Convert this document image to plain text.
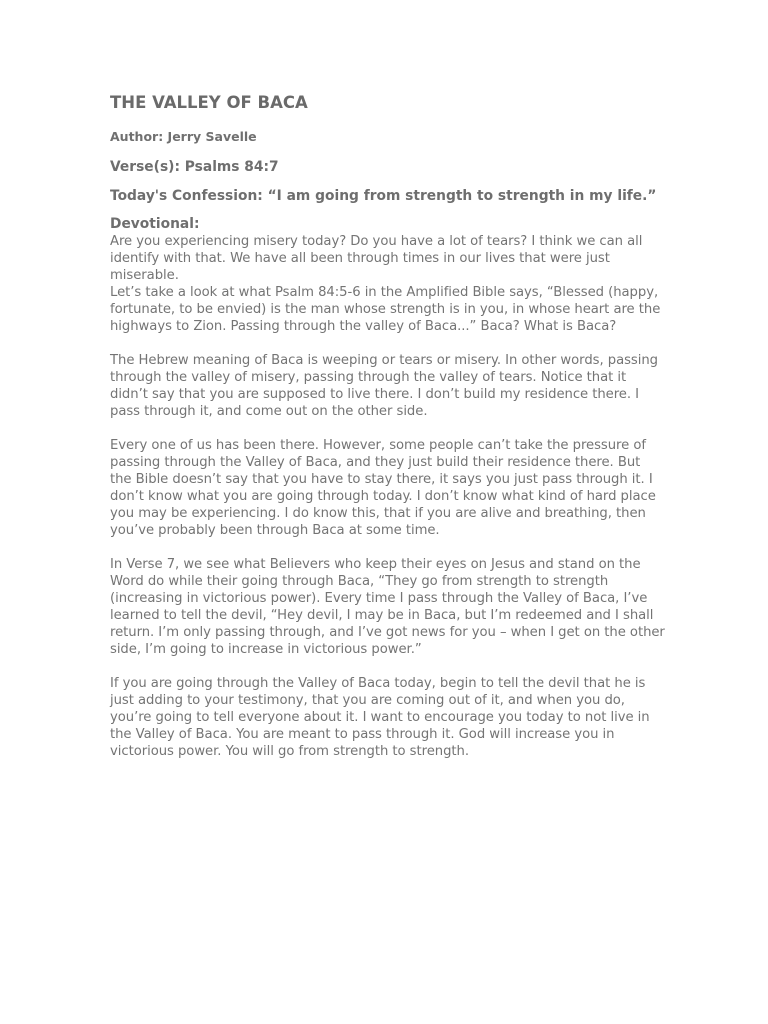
THE VALLEY OF BACA
Author: Jerry Savelle
Verse(s): Psalms 84:7
Today's Confession: “I am going from strength to strength in my life.”
Devotional:

Are you experiencing misery today? Do you have a lot of tears? I think we can all identify with that. We have all been through times in our lives that were just miserable.

Let’s take a look at what Psalm 84:5-6 in the Amplified Bible says, “Blessed (happy, fortunate, to be envied) is the man whose strength is in you, in whose heart are the highways to Zion. Passing through the valley of Baca...” Baca? What is Baca?

The Hebrew meaning of Baca is weeping or tears or misery. In other words, passing through the valley of misery, passing through the valley of tears. Notice that it didn’t say that you are supposed to live there. I don’t build my residence there. I pass through it, and come out on the other side.

Every one of us has been there. However, some people can’t take the pressure of passing through the Valley of Baca, and they just build their residence there. But the Bible doesn’t say that you have to stay there, it says you just pass through it. I don’t know what you are going through today. I don’t know what kind of hard place you may be experiencing. I do know this, that if you are alive and breathing, then you’ve probably been through Baca at some time.

In Verse 7, we see what Believers who keep their eyes on Jesus and stand on the Word do while their going through Baca, “They go from strength to strength (increasing in victorious power). Every time I pass through the Valley of Baca, I’ve learned to tell the devil, “Hey devil, I may be in Baca, but I’m redeemed and I shall return. I’m only passing through, and I’ve got news for you – when I get on the other side, I’m going to increase in victorious power.”

If you are going through the Valley of Baca today, begin to tell the devil that he is just adding to your testimony, that you are coming out of it, and when you do, you’re going to tell everyone about it. I want to encourage you today to not live in the Valley of Baca. You are meant to pass through it. God will increase you in victorious power. You will go from strength to strength.
